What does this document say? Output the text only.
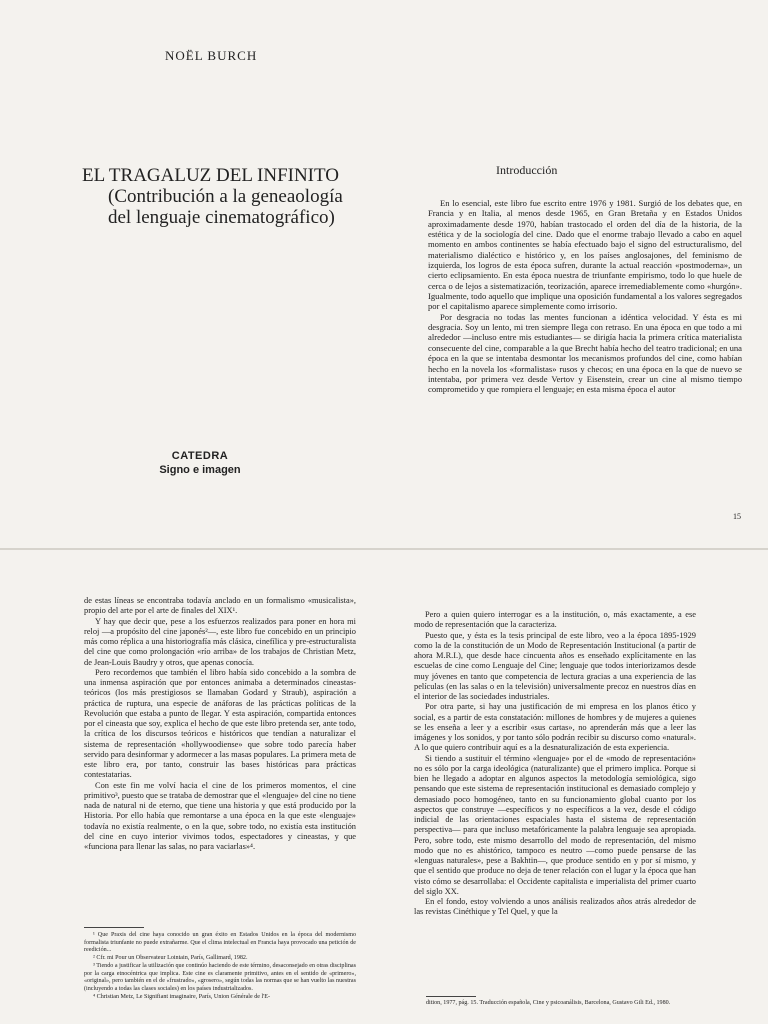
NOËL BURCH
EL TRAGALUZ DEL INFINITO
(Contribución a la geneaología
del lenguaje cinematográfico)
CATEDRA
Signo e imagen
Introducción

En lo esencial, este libro fue escrito entre 1976 y 1981. Surgió de los debates que, en Francia y en Italia, al menos desde 1965, en Gran Bretaña y en Estados Unidos aproximadamente desde 1970, habían trastocado el orden del día de la historia, de la estética y de la sociología del cine. Dado que el enorme trabajo llevado a cabo en aquel momento en ambos continentes se había efectuado bajo el signo del estructuralismo, del materialismo dialéctico e histórico y, en los países anglosajones, del feminismo de izquierda, los logros de esta época sufren, durante la actual reacción «postmoderna», un cierto eclipsamiento. En esta época nuestra de triunfante empirismo, todo lo que huele de cerca o de lejos a sistematización, teorización, aparece irremediablemente como «hurgón». Igualmente, todo aquello que implique una oposición fundamental a los valores segregados por el capitalismo aparece simplemente como irrisorio.

Por desgracia no todas las mentes funcionan a idéntica velocidad. Y ésta es mi desgracia. Soy un lento, mi tren siempre llega con retraso. En una época en que todo a mi alrededor —incluso entre mis estudiantes— se dirigía hacia la primera crítica materialista consecuente del cine, comparable a la que Brecht había hecho del teatro tradicional; en una época en la que se intentaba desmontar los mecanismos profundos del cine, como habían hecho en la novela los «formalistas» rusos y checos; en una época en la que de nuevo se intentaba, por primera vez desde Vertov y Eisenstein, crear un cine al mismo tiempo comprometido y que rompiera el lenguaje; en esta misma época el autor

15

de estas líneas se encontraba todavía anclado en un formalismo «musicalista», propio del arte por el arte de finales del XIX¹.

Y hay que decir que, pese a los esfuerzos realizados para poner en hora mi reloj —a propósito del cine japonés²—, este libro fue concebido en un principio más como réplica a una historiografía más clásica, cinefílica y pre-estructuralista del cine que como prolongación «río arriba» de los trabajos de Christian Metz, de Jean-Louis Baudry y otros, que apenas conocía.

Pero recordemos que también el libro había sido concebido a la sombra de una inmensa aspiración que por entonces animaba a determinados cineastas-teóricos (los más prestigiosos se llamaban Godard y Straub), aspiración a práctica de ruptura, una especie de anáforas de las prácticas políticas de la Revolución que estaba a punto de llegar. Y esta aspiración, compartida entonces por el cineasta que soy, explica el hecho de que este libro pretenda ser, ante todo, la crítica de los discursos teóricos e históricos que tendían a naturalizar el sistema de representación «hollywoodiense» que sobre todo parecía haber servido para desinformar y adormecer a las masas populares. La primera meta de este libro era, por tanto, construir las bases históricas para prácticas contestatarias.

Con este fin me volví hacia el cine de los primeros momentos, el cine primitivo³, puesto que se trataba de demostrar que el «lenguaje» del cine no tiene nada de natural ni de eterno, que tiene una historia y que está producido por la Historia. Por ello había que remontarse a una época en la que este «lenguaje» todavía no existía realmente, o en la que, sobre todo, no existía esta institución del cine en cuyo interior vivimos todos, espectadores y cineastas, y que «funciona para llenar las salas, no para vaciarlas»⁴.

¹ Que Praxis del cine haya conocido un gran éxito en Estados Unidos en la época del modernismo formalista triunfante no puede extrañarme. Que el clima intelectual en Francia haya provocado una petición de reedición...

² Cfr. mi Pour un Observateur Lointain, París, Gallimard, 1982.

³ Tiendo a justificar la utilización que continúo haciendo de este término, desaconsejado en otras disciplinas por la carga etnocéntrica que implica. Este cine es claramente primitivo, antes en el sentido de «primero», «original», pero también en el de «frustrado», «grosero», según todas las normas que se han vuelto las nuestras (incluyendo a todas las clases sociales) en los países industrializados.

⁴ Christian Metz, Le Signifiant imaginaire, París, Union Générale de l'E-

Pero a quien quiero interrogar es a la institución, o, más exactamente, a ese modo de representación que la caracteriza.

Puesto que, y ésta es la tesis principal de este libro, veo a la época 1895-1929 como la de la constitución de un Modo de Representación Institucional (a partir de ahora M.R.I.), que desde hace cincuenta años es enseñado explícitamente en las escuelas de cine como Lenguaje del Cine; lenguaje que todos interiorizamos desde muy jóvenes en tanto que competencia de lectura gracias a una experiencia de las películas (en las salas o en la televisión) universalmente precoz en nuestros días en el interior de las sociedades industriales.

Por otra parte, si hay una justificación de mi empresa en los planos ético y social, es a partir de esta constatación: millones de hombres y de mujeres a quienes se les enseña a leer y a escribir «sus cartas», no aprenderán más que a leer las imágenes y los sonidos, y por tanto sólo podrán recibir su discurso como «natural». A lo que quiero contribuir aquí es a la desnaturalización de esta experiencia.

Si tiendo a sustituir el término «lenguaje» por el de «modo de representación» no es sólo por la carga ideológica (naturalizante) que el primero implica. Porque si bien he llegado a adoptar en algunos aspectos la metodología semiológica, sigo pensando que este sistema de representación institucional es demasiado complejo y demasiado poco homogéneo, tanto en su funcionamiento global cuanto por los aspectos que construye —específicos y no específicos a la vez, desde el código indicial de las orientaciones espaciales hasta el sistema de representación perspectiva— para que incluso metafóricamente la palabra lenguaje sea apropiada. Pero, sobre todo, este mismo desarrollo del modo de representación, del mismo modo que no es ahistórico, tampoco es neutro —como puede pensarse de las «lenguas naturales», pese a Bakhtin—, que produce sentido en y por sí mismo, y que el sentido que produce no deja de tener relación con el lugar y la época que han visto cómo se desarrollaba: el Occidente capitalista e imperialista del primer cuarto del siglo XX.

En el fondo, estoy volviendo a unos análisis realizados años atrás alrededor de las revistas Cinéthique y Tel Quel, y que la

dition, 1977, pág. 15. Traducción española, Cine y psicoanálisis, Barcelona, Gustavo Gili Ed., 1980.
